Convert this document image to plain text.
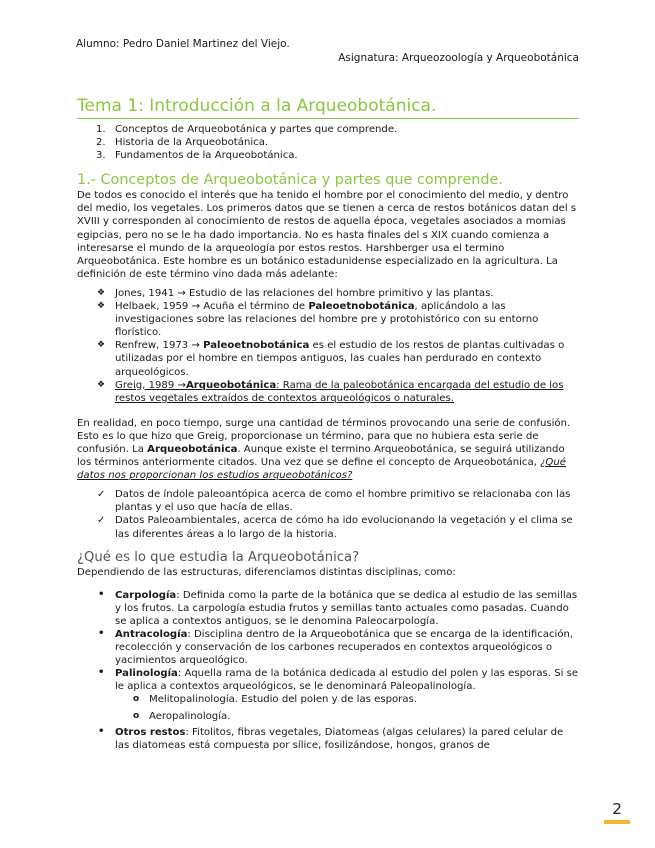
Alumno: Pedro Daniel Martinez del Viejo.
Asignatura: Arqueozoología y Arqueobotánica
Tema 1: Introducción a la Arqueobotánica.
1. Conceptos de Arqueobotánica y partes que comprende.
2. Historia de la Arqueobotánica.
3. Fundamentos de la Arqueobotánica.
1.- Conceptos de Arqueobotánica y partes que comprende.

De todos es conocido el interés que ha tenido el hombre por el conocimiento del medio, y dentro del medio, los vegetales. Los primeros datos que se tienen a cerca de restos botánicos datan del s XVIII y corresponden al conocimiento de restos de aquella época, vegetales asociados a momias egipcias, pero no se le ha dado importancia. No es hasta finales del s XIX cuando comienza a interesarse el mundo de la arqueología por estos restos. Harshberger usa el termino Arqueobotánica. Este hombre es un botánico estadunidense especializado en la agricultura. La definición de este término vino dada más adelante:

❖ Jones, 1941 → Estudio de las relaciones del hombre primitivo y las plantas.
❖ Helbaek, 1959 → Acuña el término de Paleoetnobotánica, aplicándolo a las investigaciones sobre las relaciones del hombre pre y protohistórico con su entorno florístico.
❖ Renfrew, 1973 → Paleoetnobotánica es el estudio de los restos de plantas cultivadas o utilizadas por el hombre en tiempos antiguos, las cuales han perdurado en contexto arqueológicos.
❖ Greig, 1989 →Arqueobotánica: Rama de la paleobotánica encargada del estudio de los restos vegetales extraídos de contextos arqueológicos o naturales.

En realidad, en poco tiempo, surge una cantidad de términos provocando una serie de confusión. Esto es lo que hizo que Greig, proporcionase un término, para que no hubiera esta serie de confusión. La Arqueobotánica. Aunque existe el termino Arqueobotánica, se seguirá utilizando los términos anteriormente citados. Una vez que se define el concepto de Arqueobotánica, ¿Qué datos nos proporcionan los estudios arqueobotánicos?

✓ Datos de índole paleoantópica acerca de como el hombre primitivo se relacionaba con las plantas y el uso que hacía de ellas.
✓ Datos Paleoambientales, acerca de cómo ha ido evolucionando la vegetación y el clima se las diferentes áreas a lo largo de la historia.
¿Qué es lo que estudia la Arqueobotánica?

Dependiendo de las estructuras, diferenciamos distintas disciplinas, como:

• Carpología: Definida como la parte de la botánica que se dedica al estudio de las semillas y los frutos. La carpología estudia frutos y semillas tanto actuales como pasadas. Cuando se aplica a contextos antiguos, se le denomina Paleocarpología.
• Antracología: Disciplina dentro de la Arqueobotánica que se encarga de la identificación, recolección y conservación de los carbones recuperados en contextos arqueológicos o yacimientos arqueológico.
• Palinología: Aquella rama de la botánica dedicada al estudio del polen y las esporas. Si se le aplica a contextos arqueológicos, se le denominará Paleopalinología.
o Melitopalinología. Estudio del polen y de las esporas.
o Aeropalinología.
• Otros restos: Fitolitos, fibras vegetales, Diatomeas (algas celulares) la pared celular de las diatomeas está compuesta por sílice, fosilizándose, hongos, granos de
2
